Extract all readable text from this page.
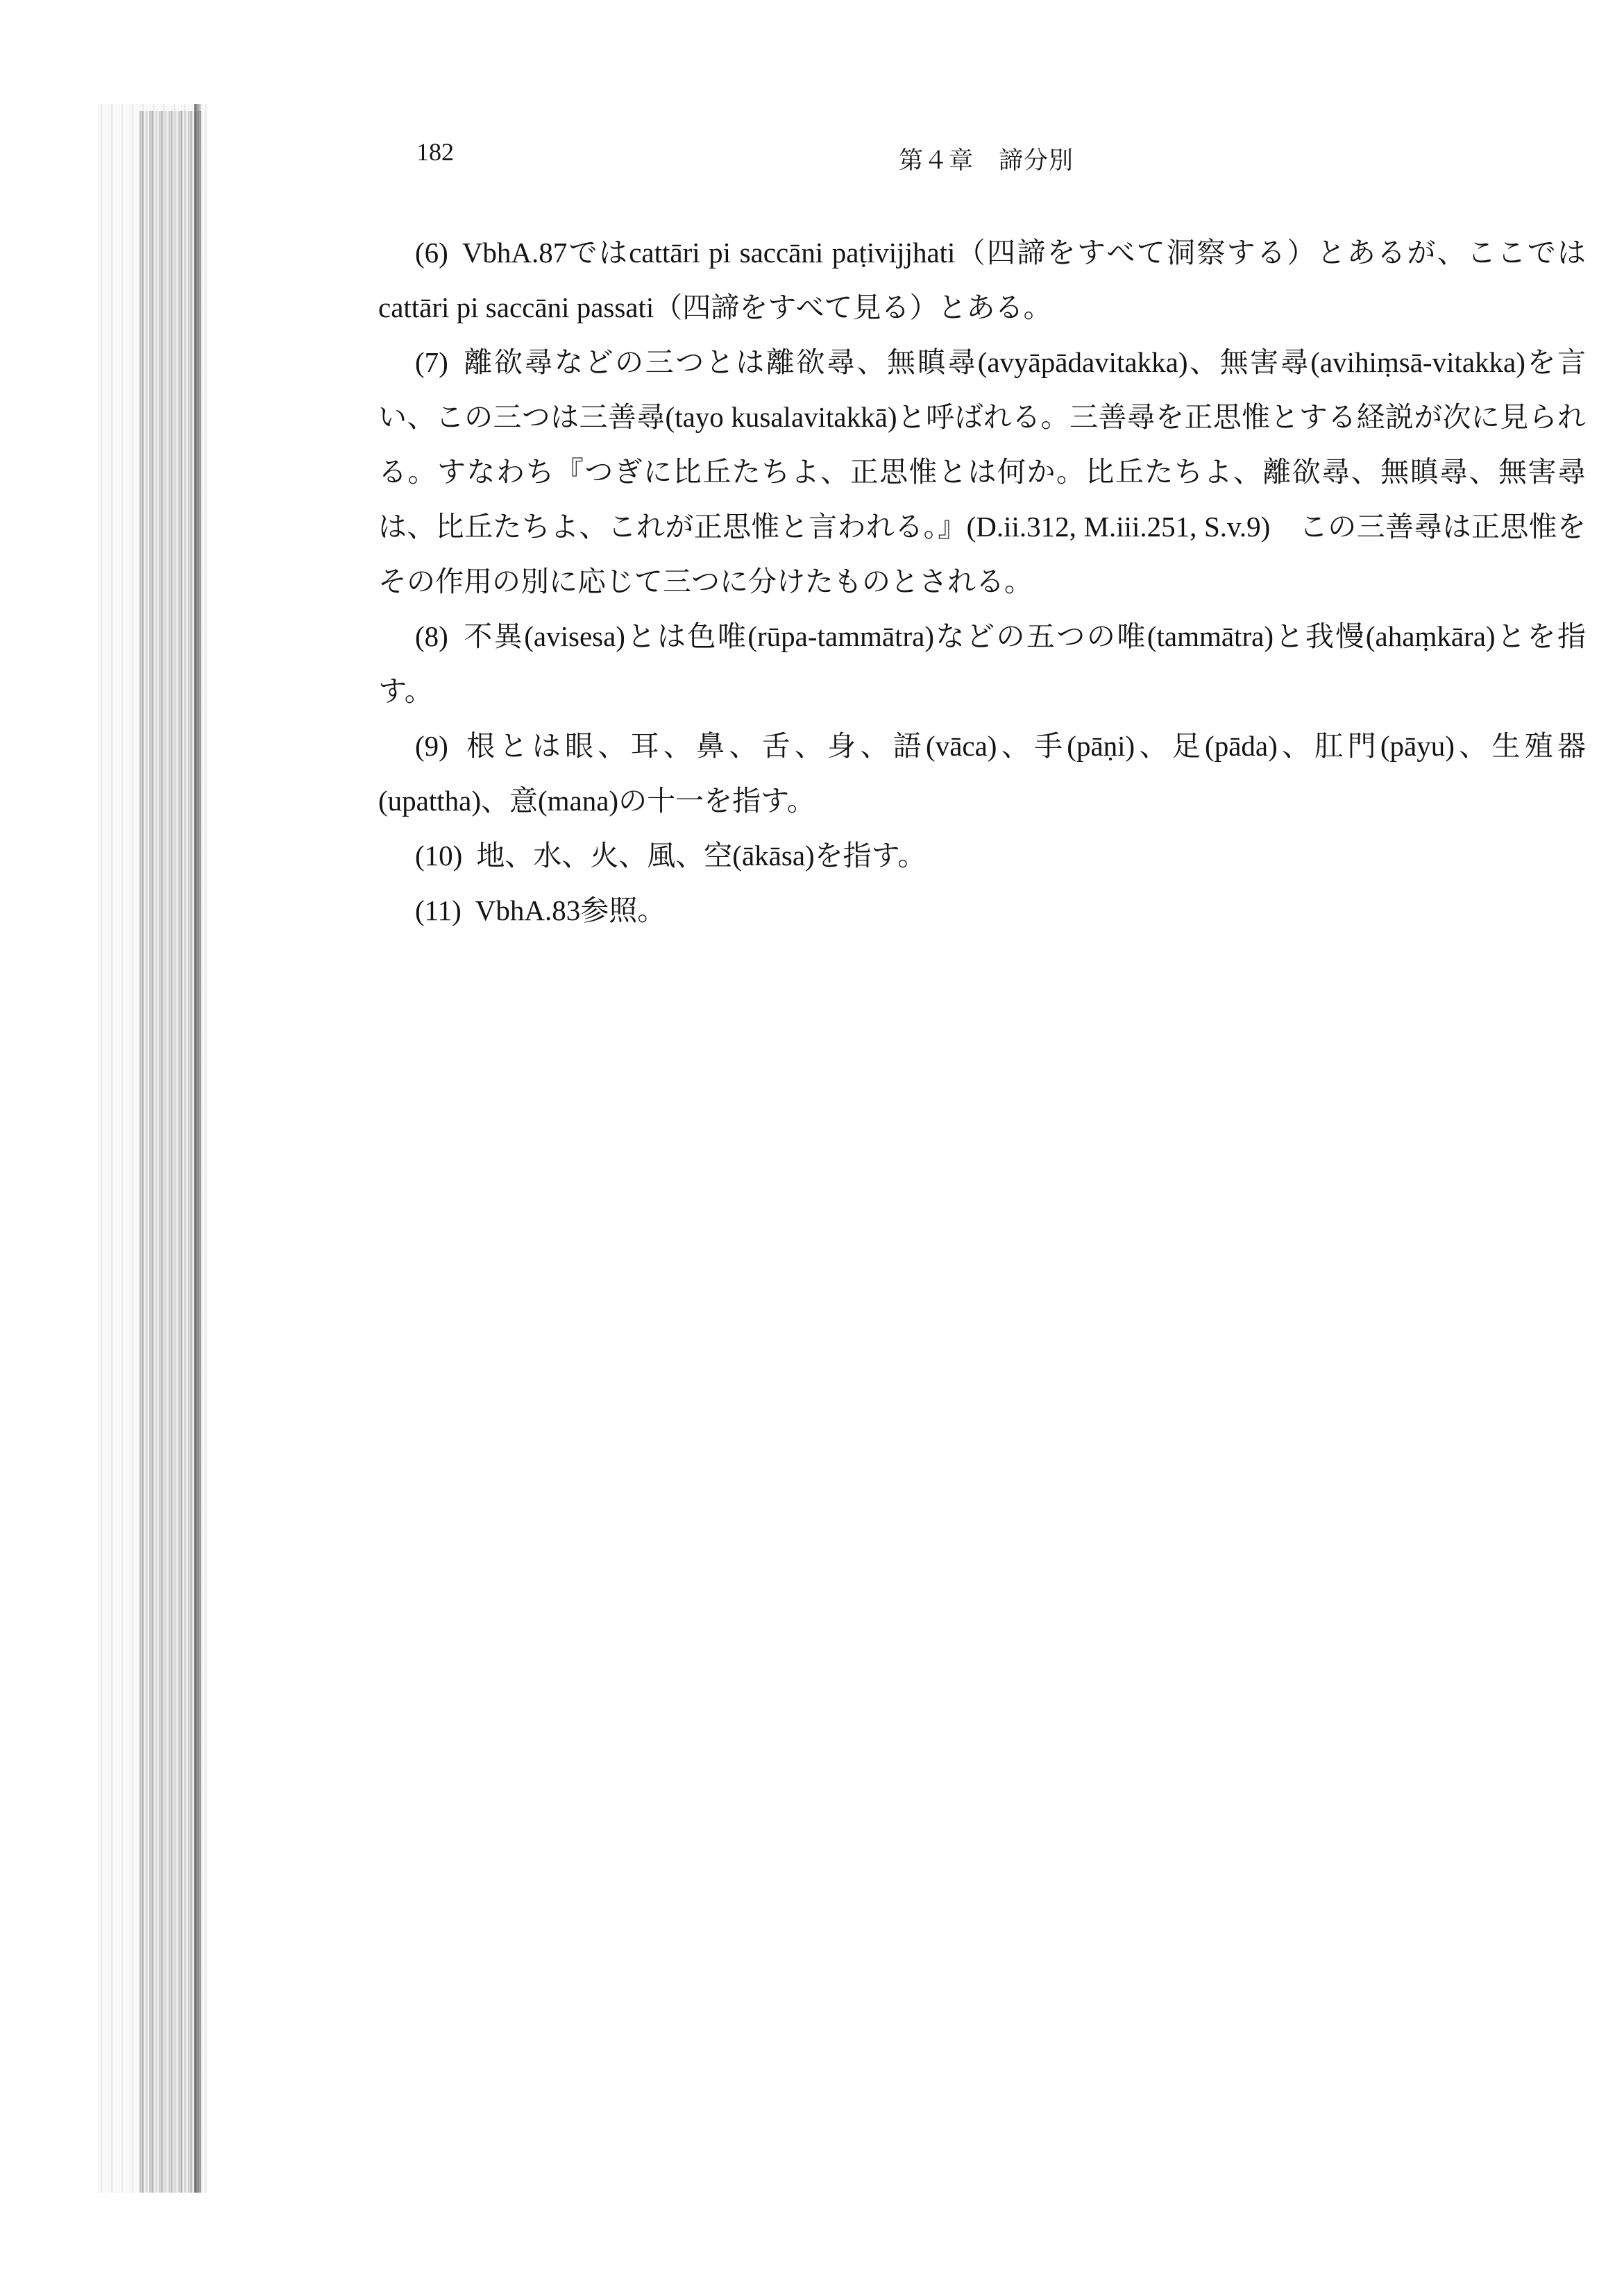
182	第４章　諦分別

(6) VbhA.87ではcattāri pi saccāni paṭivijjhati（四諦をすべて洞察する）とあるが、ここではcattāri pi saccāni passati（四諦をすべて見る）とある。

(7) 離欲尋などの三つとは離欲尋、無瞋尋(avyāpādavitakka)、無害尋(avihiṃsā-vitakka)を言い、この三つは三善尋(tayo kusalavitakkā)と呼ばれる。三善尋を正思惟とする経説が次に見られる。すなわち『つぎに比丘たちよ、正思惟とは何か。比丘たちよ、離欲尋、無瞋尋、無害尋は、比丘たちよ、これが正思惟と言われる。』(D.ii.312, M.iii.251, S.v.9)　この三善尋は正思惟をその作用の別に応じて三つに分けたものとされる。

(8) 不異(avisesa)とは色唯(rūpa-tammātra)などの五つの唯(tammātra)と我慢(ahaṃkāra)とを指す。

(9) 根とは眼、耳、鼻、舌、身、語(vāca)、手(pāṇi)、足(pāda)、肛門(pāyu)、生殖器(upattha)、意(mana)の十一を指す。

(10) 地、水、火、風、空(ākāsa)を指す。

(11) VbhA.83参照。
